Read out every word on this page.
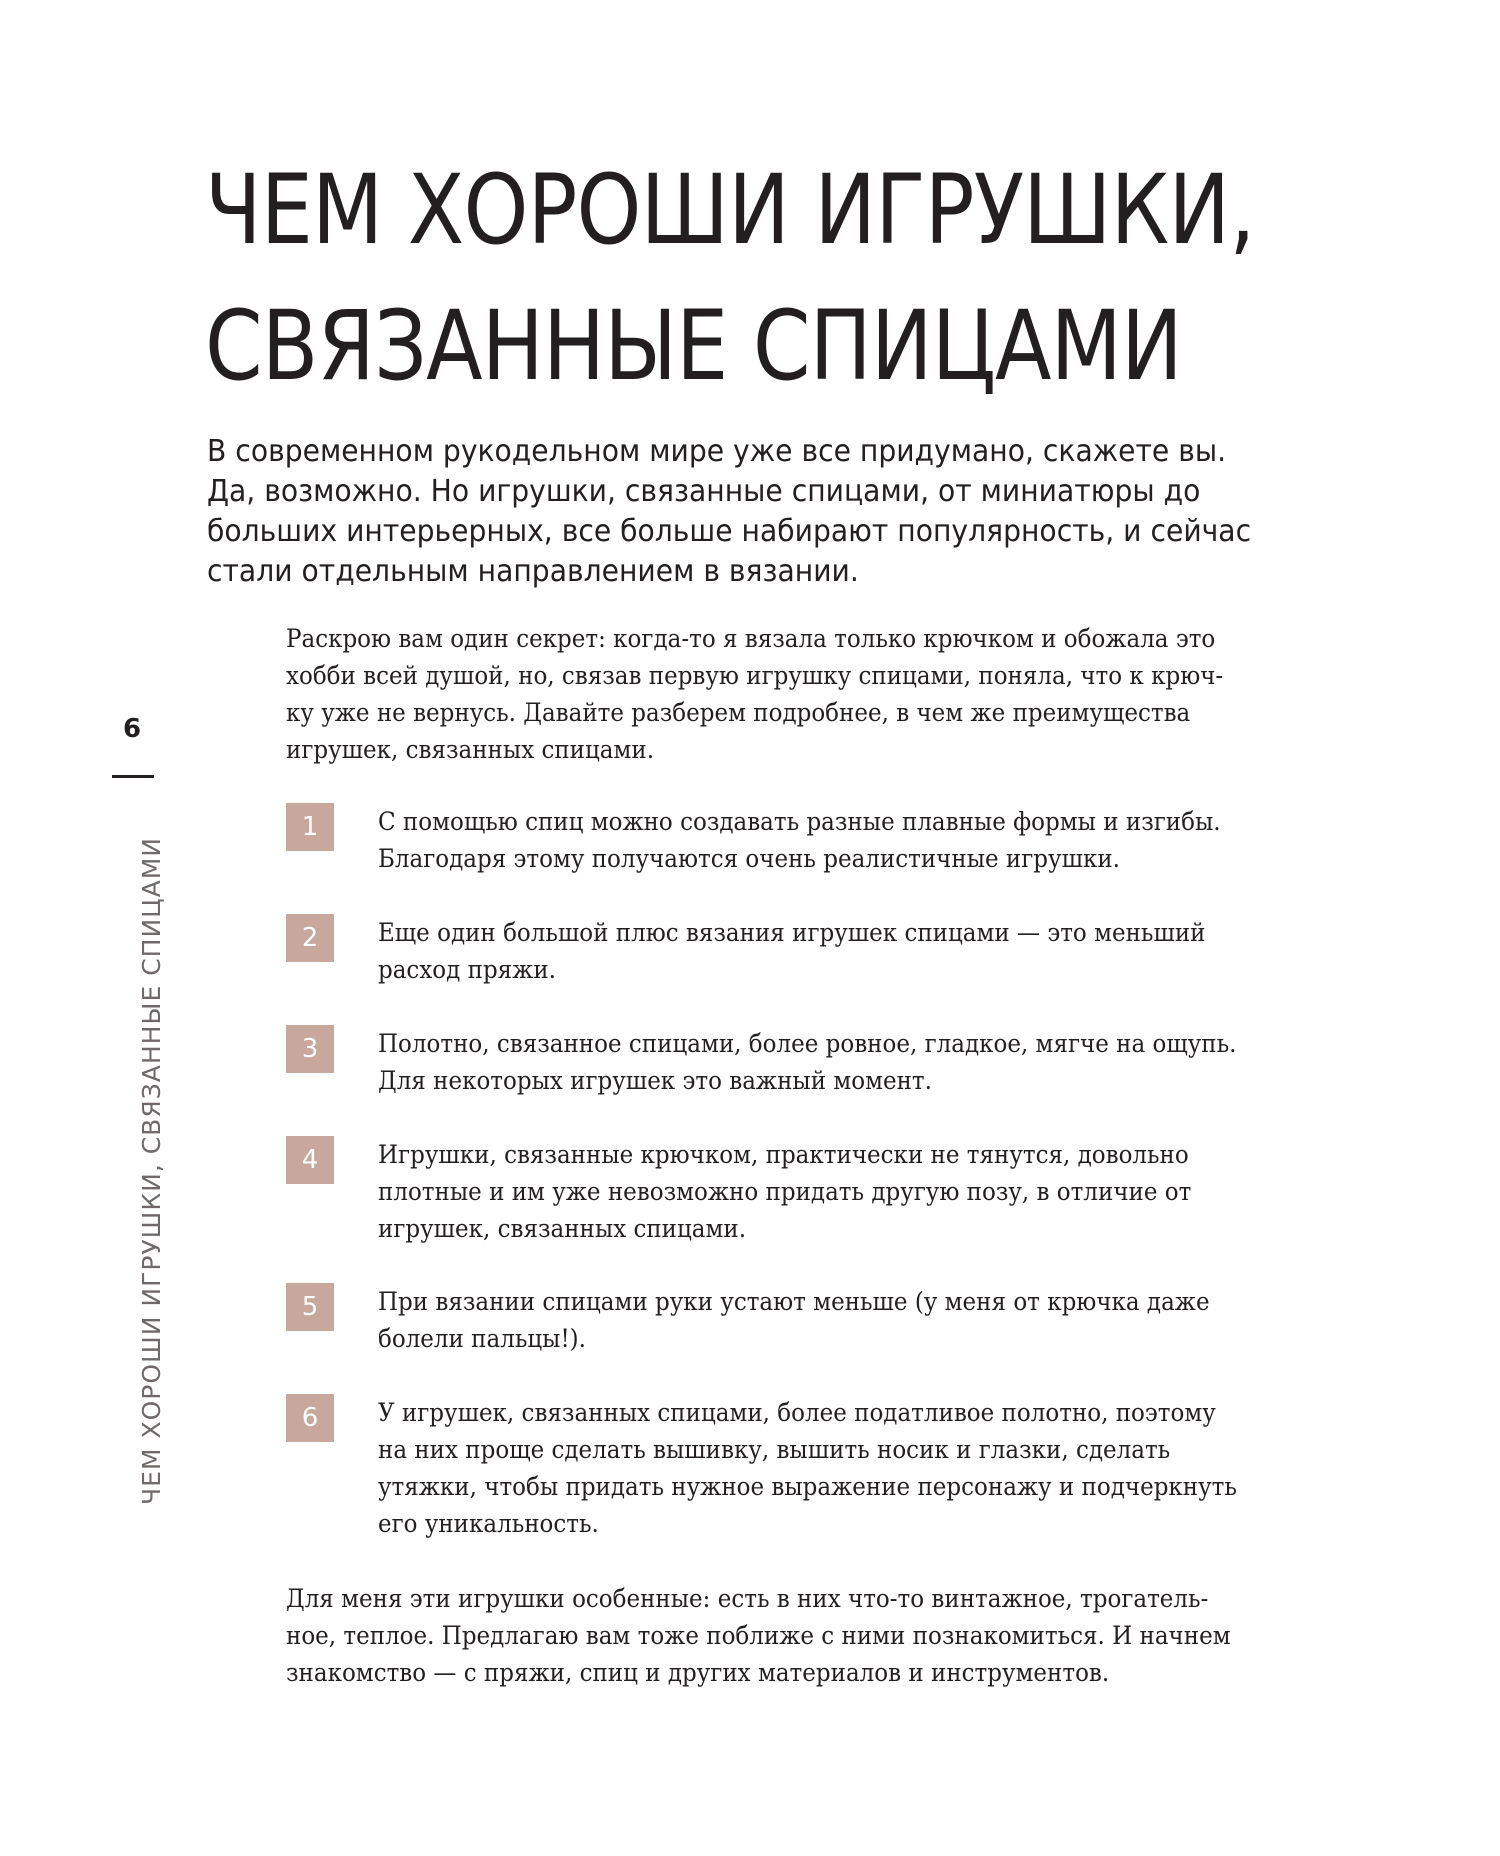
ЧЕМ ХОРОШИ ИГРУШКИ,
СВЯЗАННЫЕ СПИЦАМИ
В современном рукодельном мире уже все придумано, скажете вы.
Да, возможно. Но игрушки, связанные спицами, от миниатюры до
больших интерьерных, все больше набирают популярность, и сейчас
стали отдельным направлением в вязании.
Раскрою вам один секрет: когда-то я вязала только крючком и обожала это
хобби всей душой, но, связав первую игрушку спицами, поняла, что к крюч-
ку уже не вернусь. Давайте разберем подробнее, в чем же преимущества
игрушек, связанных спицами.
1	С помощью спиц можно создавать разные плавные формы и изгибы.
Благодаря этому получаются очень реалистичные игрушки.
2	Еще один большой плюс вязания игрушек спицами — это меньший
расход пряжи.
3	Полотно, связанное спицами, более ровное, гладкое, мягче на ощупь.
Для некоторых игрушек это важный момент.
4	Игрушки, связанные крючком, практически не тянутся, довольно
плотные и им уже невозможно придать другую позу, в отличие от
игрушек, связанных спицами.
5	При вязании спицами руки устают меньше (у меня от крючка даже
болели пальцы!).
6	У игрушек, связанных спицами, более податливое полотно, поэтому
на них проще сделать вышивку, вышить носик и глазки, сделать
утяжки, чтобы придать нужное выражение персонажу и подчеркнуть
его уникальность.
Для меня эти игрушки особенные: есть в них что-то винтажное, трогатель-
ное, теплое. Предлагаю вам тоже поближе с ними познакомиться. И начнем
знакомство — с пряжи, спиц и других материалов и инструментов.
6
ЧЕМ ХОРОШИ ИГРУШКИ, СВЯЗАННЫЕ СПИЦАМИ
